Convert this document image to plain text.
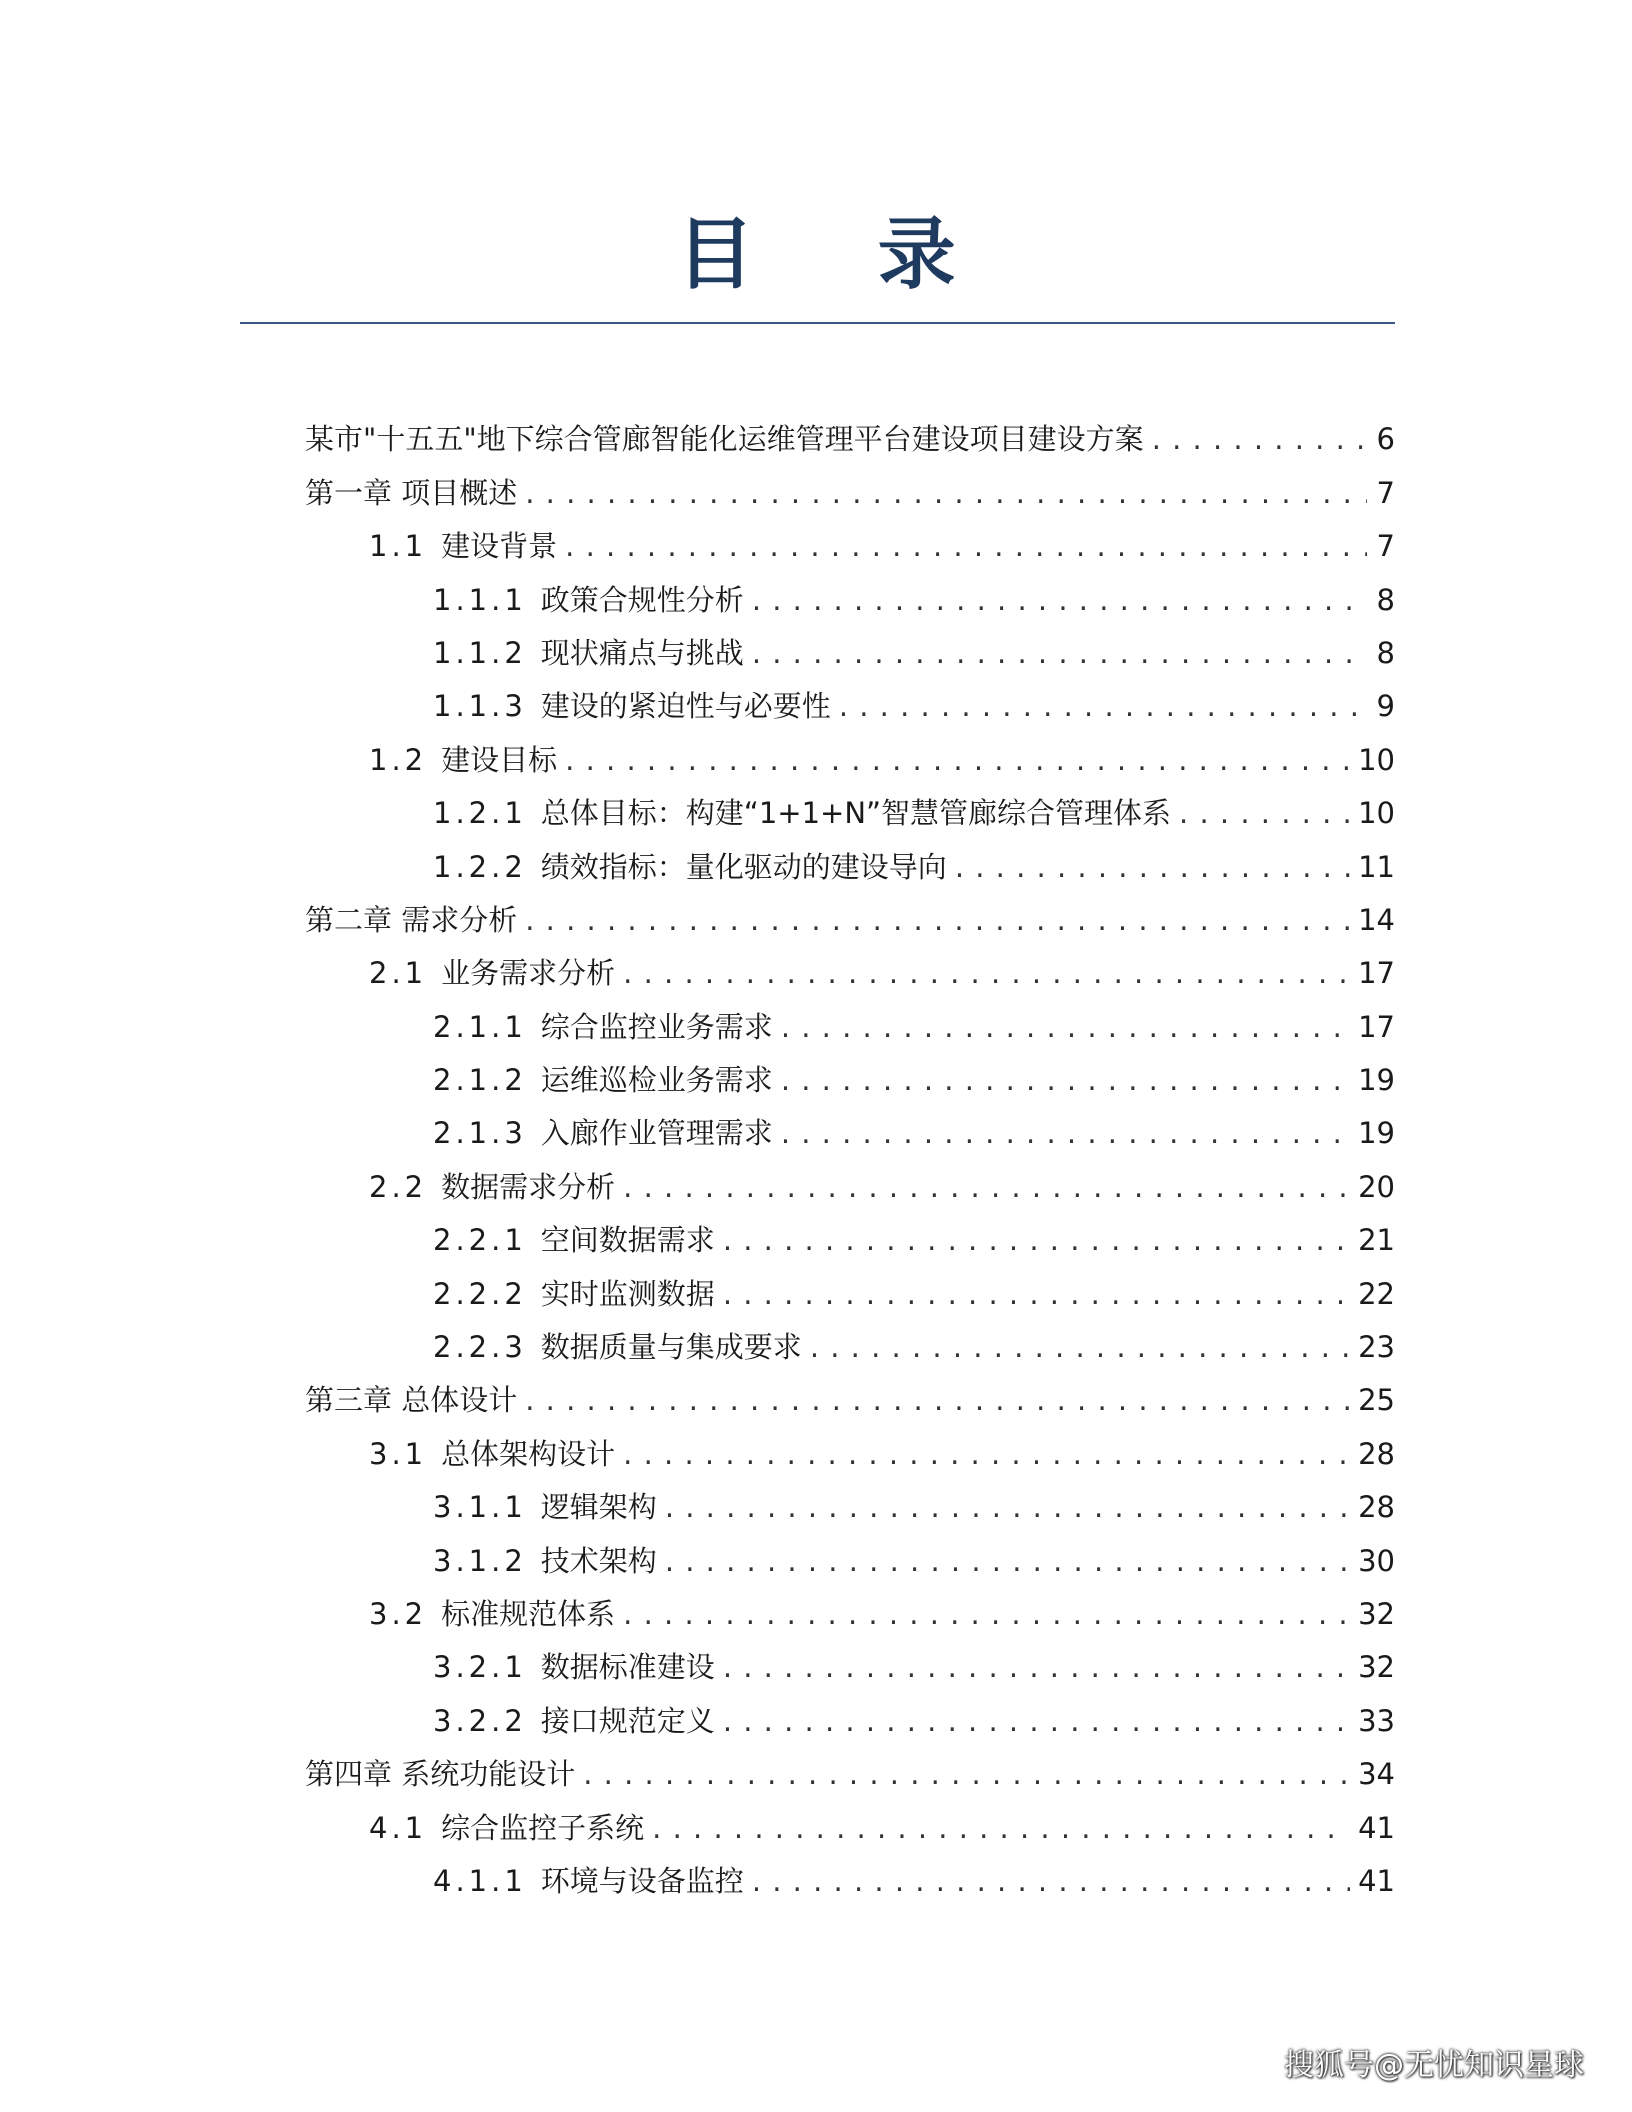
目 录
某市"十五五"地下综合管廊智能化运维管理平台建设项目建设方案 . . .	6
第一章 项目概述 . . .	7
1.1 建设背景 . . .	7
1.1.1 政策合规性分析 . . .	8
1.1.2 现状痛点与挑战 . . .	8
1.1.3 建设的紧迫性与必要性 . . .	9
1.2 建设目标 . . .	10
1.2.1 总体目标：构建“1+1+N”智慧管廊综合管理体系 . . .	10
1.2.2 绩效指标：量化驱动的建设导向 . . .	11
第二章 需求分析 . . .	14
2.1 业务需求分析 . . .	17
2.1.1 综合监控业务需求 . . .	17
2.1.2 运维巡检业务需求 . . .	19
2.1.3 入廊作业管理需求 . . .	19
2.2 数据需求分析 . . .	20
2.2.1 空间数据需求 . . .	21
2.2.2 实时监测数据 . . .	22
2.2.3 数据质量与集成要求 . . .	23
第三章 总体设计 . . .	25
3.1 总体架构设计 . . .	28
3.1.1 逻辑架构 . . .	28
3.1.2 技术架构 . . .	30
3.2 标准规范体系 . . .	32
3.2.1 数据标准建设 . . .	32
3.2.2 接口规范定义 . . .	33
第四章 系统功能设计 . . .	34
4.1 综合监控子系统 . . .	41
4.1.1 环境与设备监控 . . .	41
搜狐号@无忧知识星球
